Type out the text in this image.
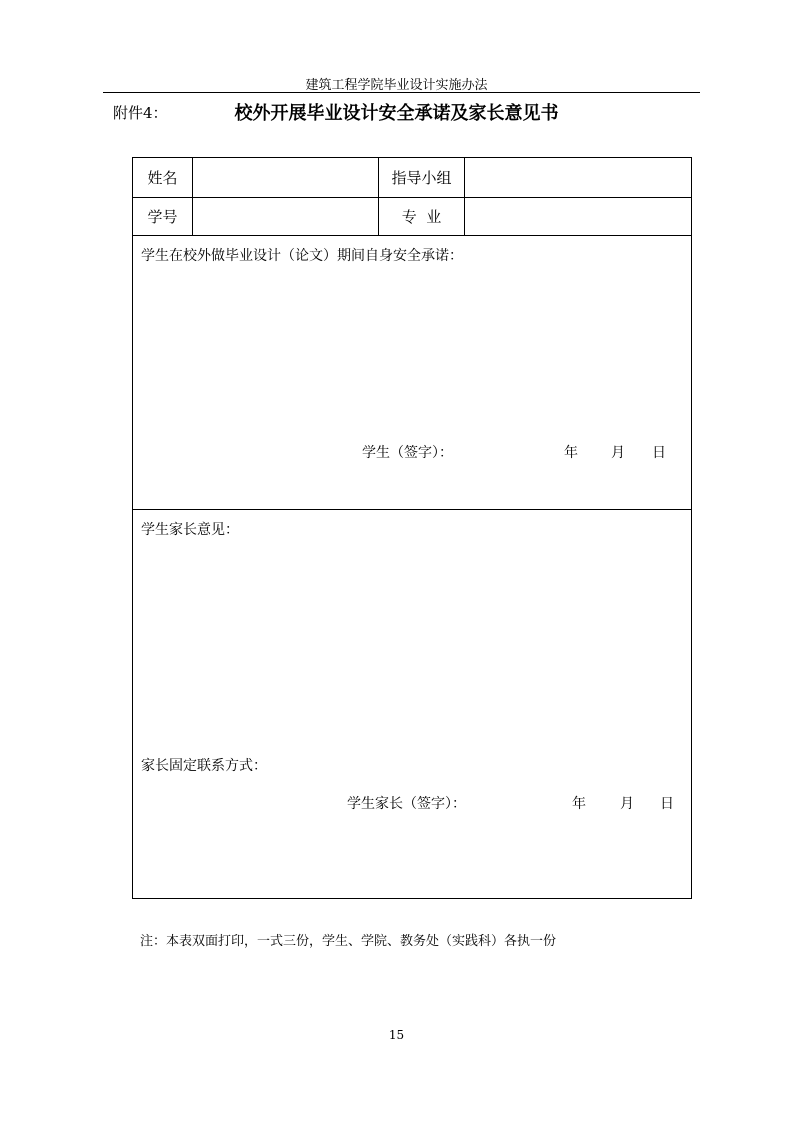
建筑工程学院毕业设计实施办法
附件4：	校外开展毕业设计安全承诺及家长意见书
姓名	指导小组
学号	专  业
学生在校外做毕业设计（论文）期间自身安全承诺：
学生（签字）：	年 月 日
学生家长意见：
家长固定联系方式：
学生家长（签字）：	年 月 日
注：本表双面打印，一式三份，学生、学院、教务处（实践科）各执一份
15
